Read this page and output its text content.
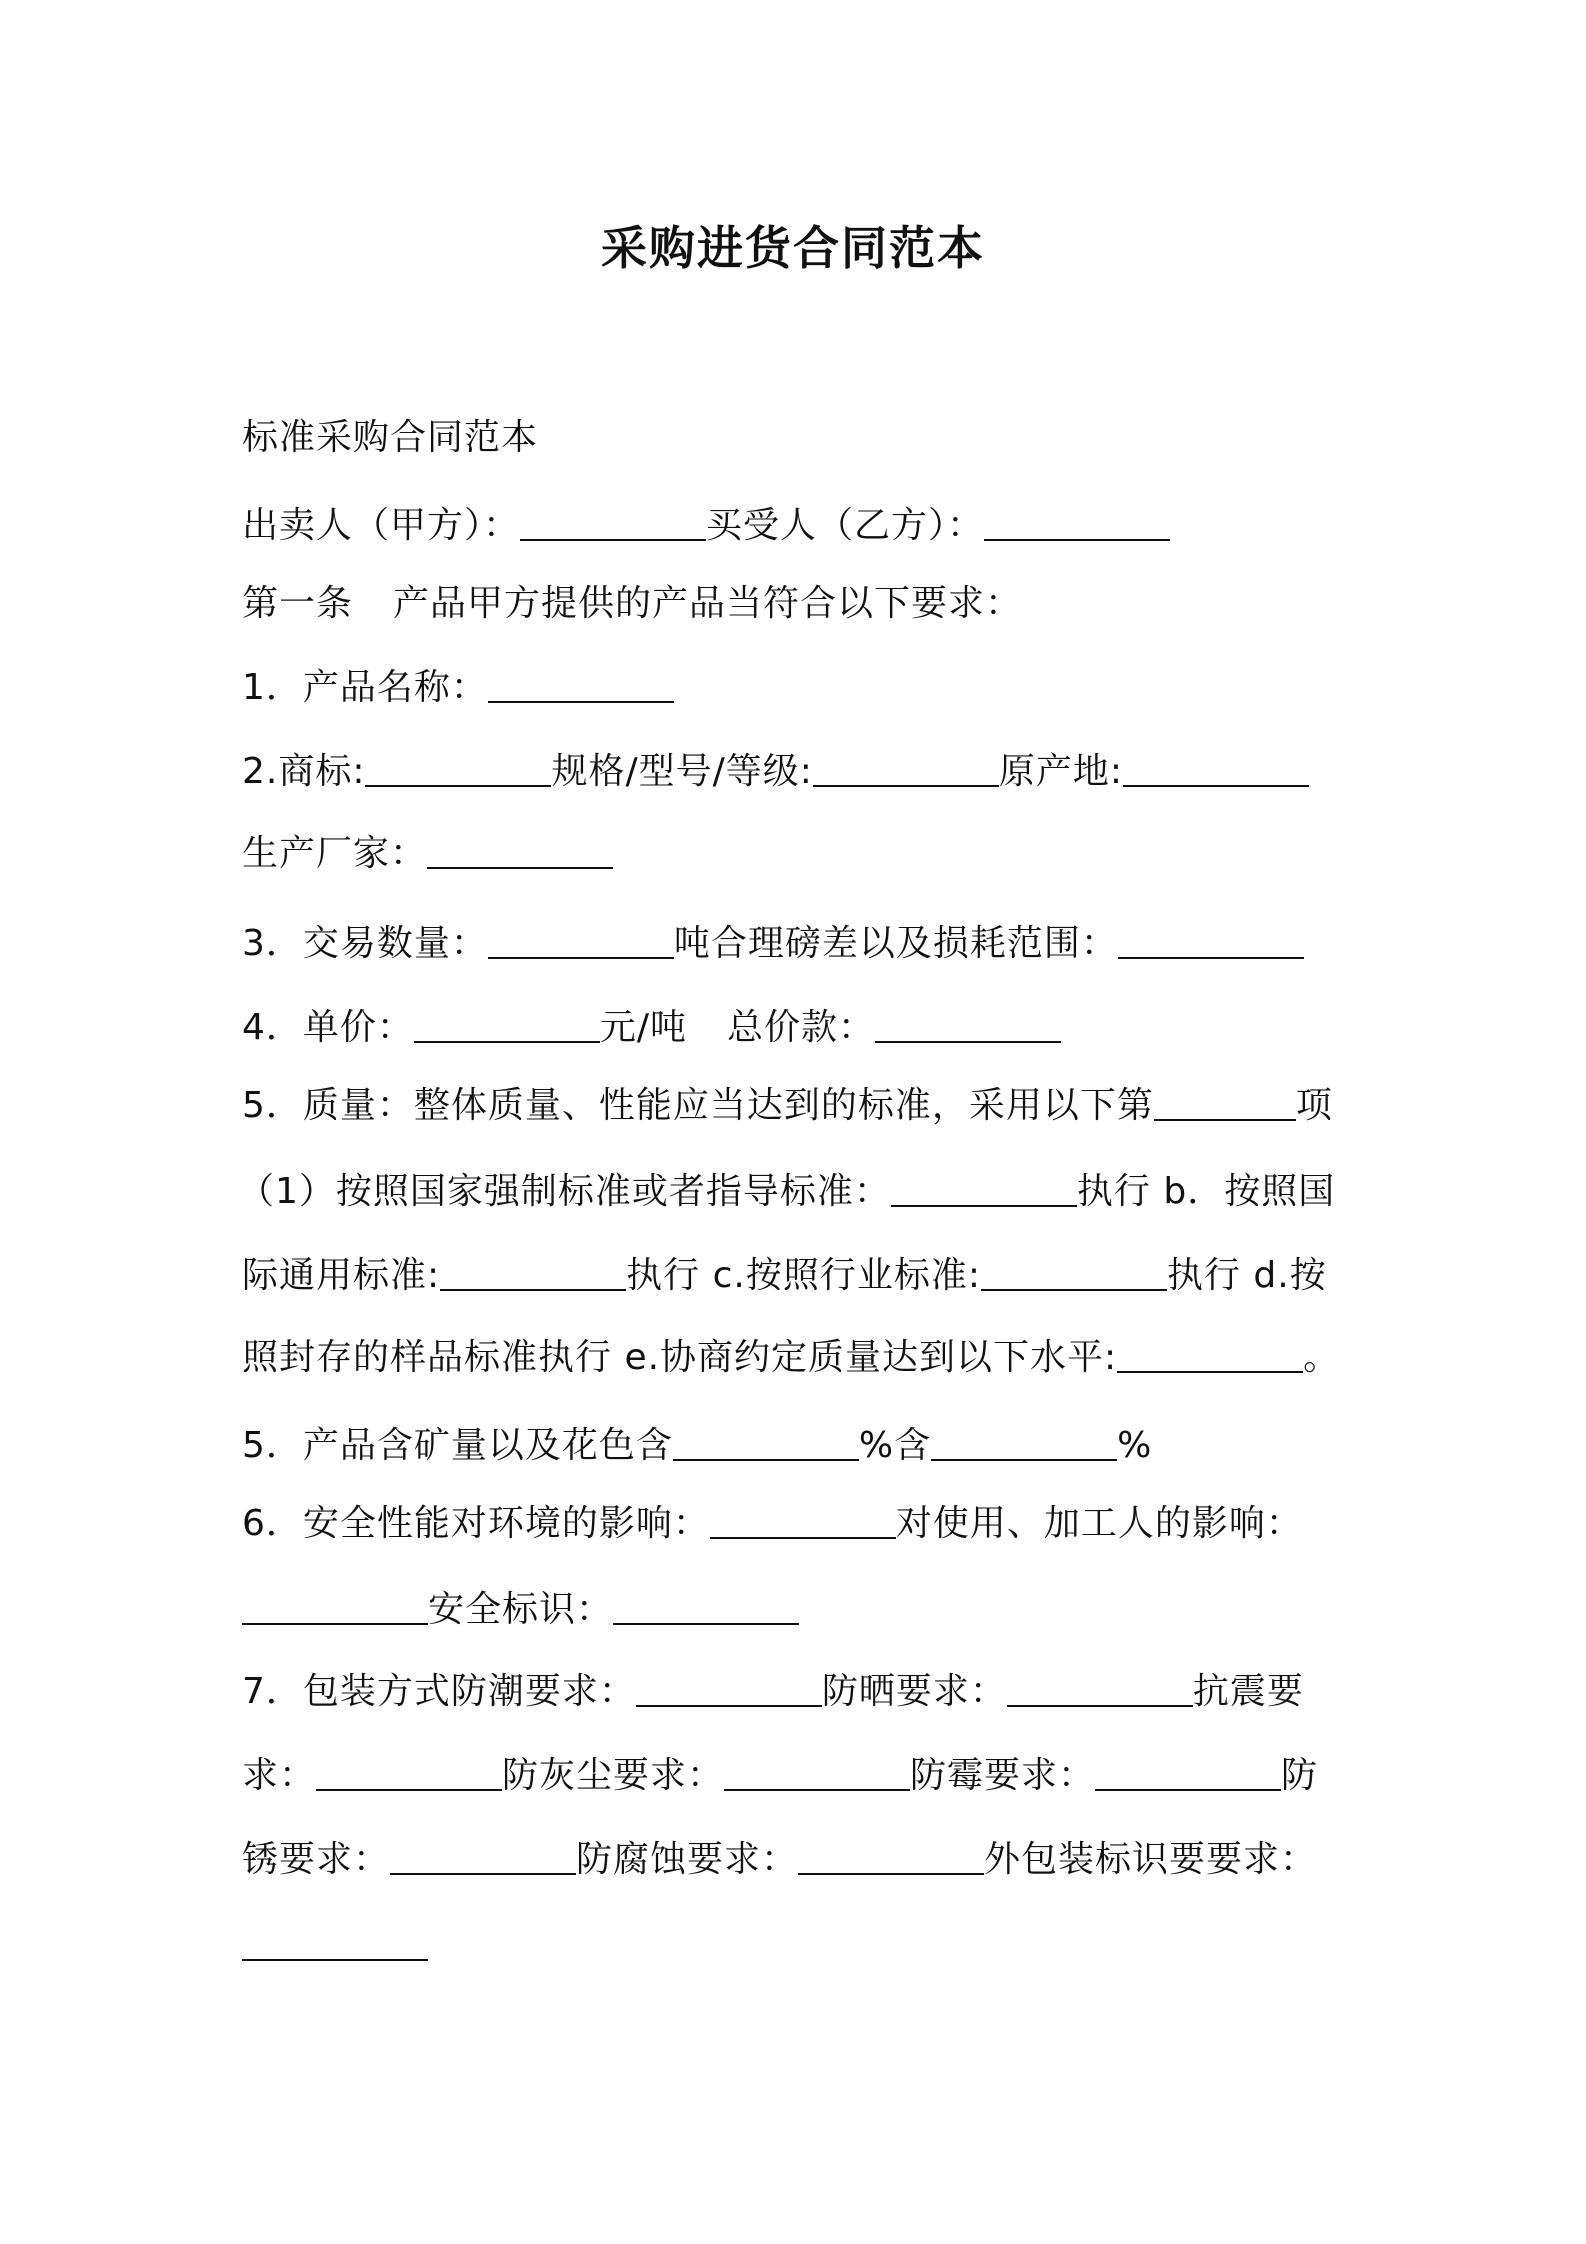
采购进货合同范本
标准采购合同范本
出卖人（甲方）：	买受人（乙方）：
第一条 产品甲方提供的产品当符合以下要求：
1．产品名称：
2.商标:	规格/型号/等级:	原产地:
生产厂家：
3．交易数量：	吨合理磅差以及损耗范围：
4．单价：	元/吨 总价款：
5．质量：整体质量、性能应当达到的标准，采用以下第	项
（1）按照国家强制标准或者指导标准：	执行 b．按照国
际通用标准:	执行 c.按照行业标准:	执行 d.按
照封存的样品标准执行 e.协商约定质量达到以下水平:	。
5．产品含矿量以及花色含	%含	%
6．安全性能对环境的影响：	对使用、加工人的影响：
安全标识：
7．包装方式防潮要求：	防晒要求：	抗震要
求：	防灰尘要求：	防霉要求：	防
锈要求：	防腐蚀要求：	外包装标识要要求：
